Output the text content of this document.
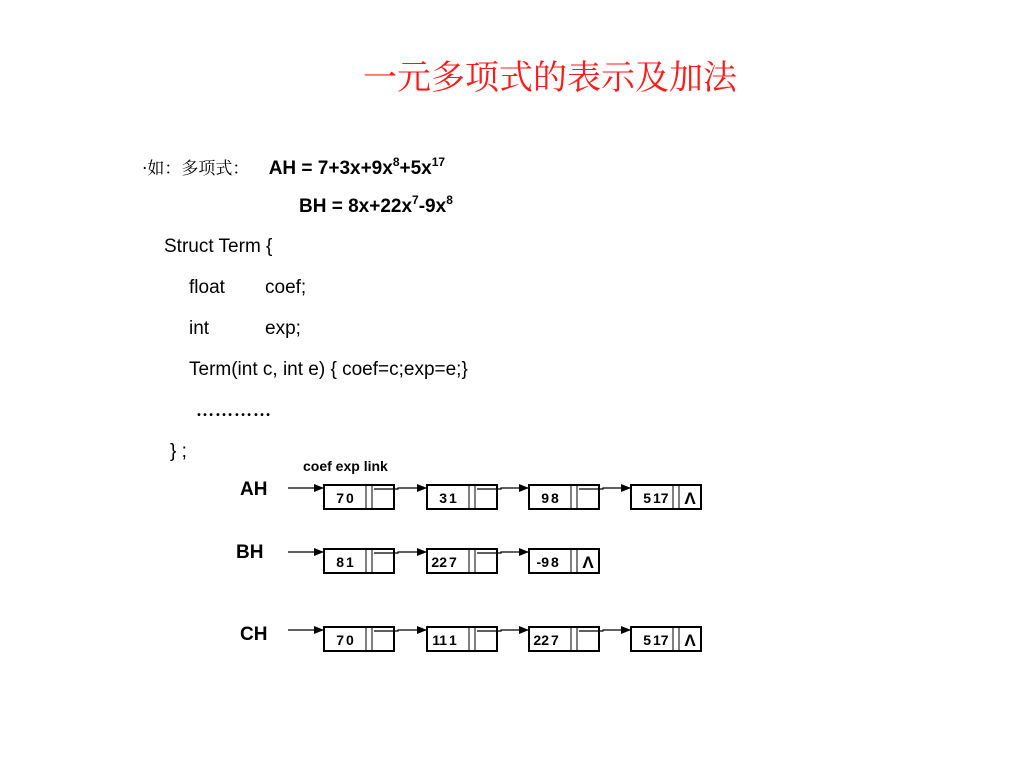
一元多项式的表示及加法
·如：多项式： AH = $7+3x+9x^8+5x^{17}$
BH = $8x+22x^7-9x^8$
Struct Term {
float coef;
int	exp;
Term(int c, int e) { coef=c;exp=e;}
…………
} ;
coef exp link
AH
BH
CH
7 0	3 1	9 8	5 17 Λ
8 1	22 7	-9 8 Λ
7 0	11 1	22 7	5 17 Λ
